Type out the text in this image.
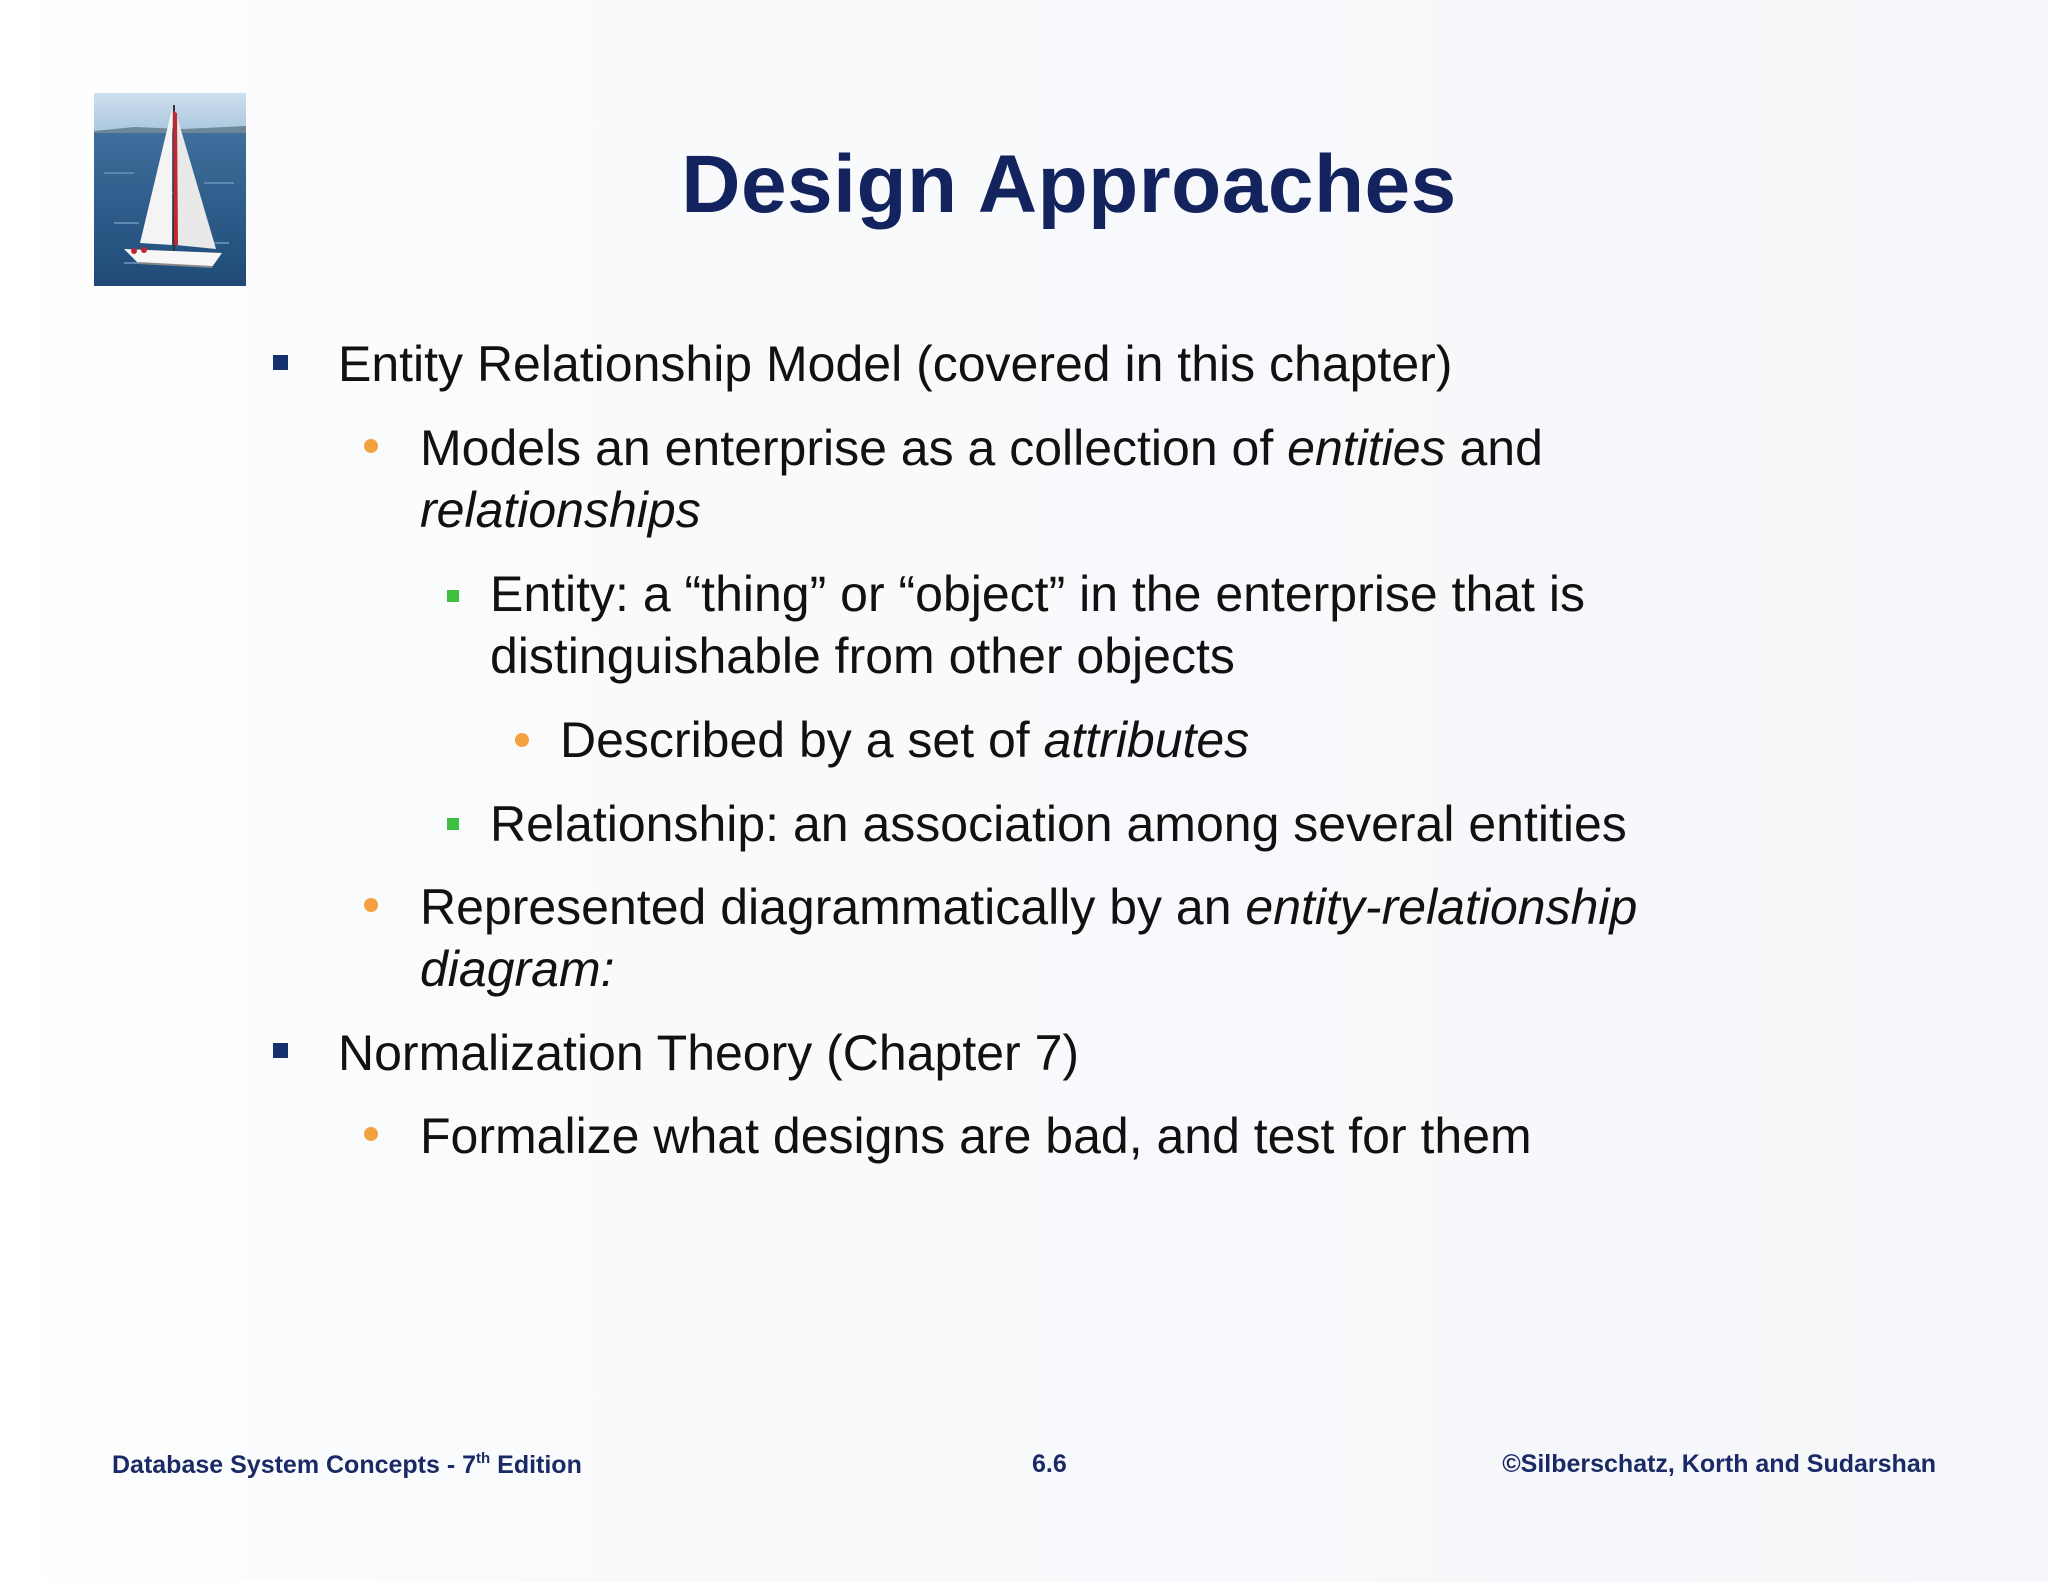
Design Approaches
Entity Relationship Model (covered in this chapter)
Models an enterprise as a collection of entities and
relationships
Entity: a “thing” or “object” in the enterprise that is
distinguishable from other objects
Described by a set of attributes
Relationship: an association among several entities
Represented diagrammatically by an entity-relationship
diagram:
Normalization Theory (Chapter 7)
Formalize what designs are bad, and test for them
Database System Concepts - 7th Edition	6.6	©Silberschatz, Korth and Sudarshan
